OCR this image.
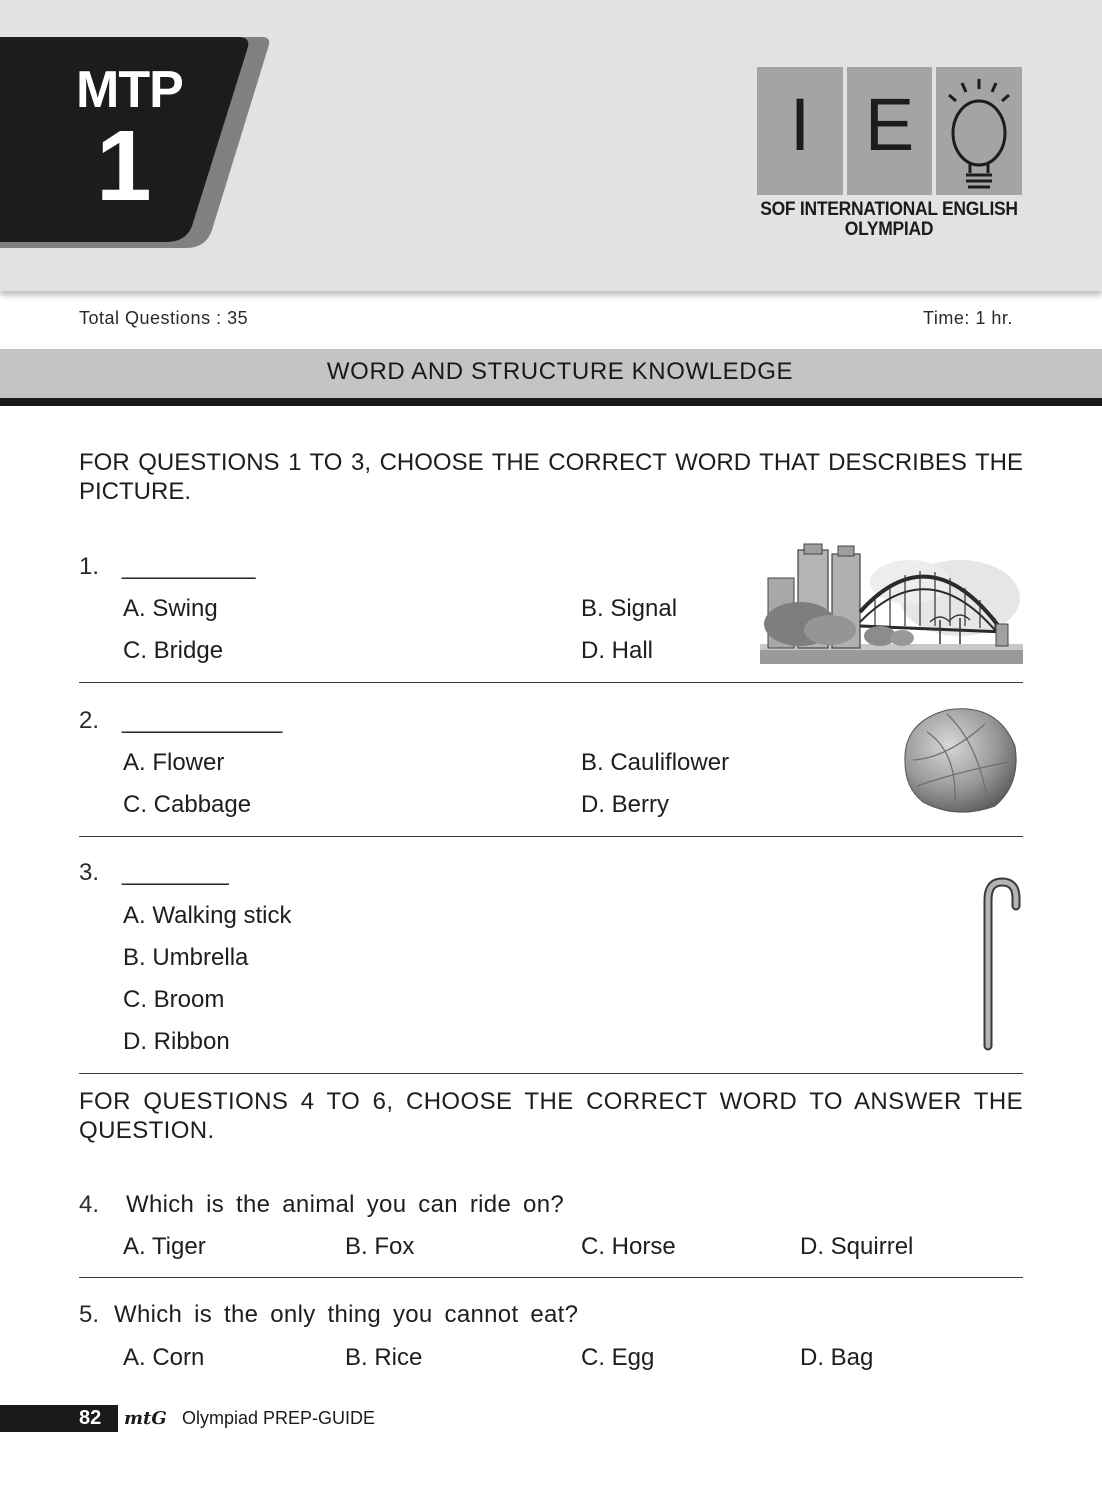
MTP
1	I E
SOF INTERNATIONAL ENGLISH
OLYMPIAD
Total Questions : 35	Time: 1 hr.
WORD AND STRUCTURE KNOWLEDGE
FOR QUESTIONS 1 TO 3, CHOOSE THE CORRECT WORD THAT DESCRIBES THE PICTURE.
1. __________
A. Swing	B. Signal
C. Bridge	D. Hall
2. ____________
A. Flower	B. Cauliflower
C. Cabbage	D. Berry
3. ________
A. Walking stick
B. Umbrella
C. Broom
D. Ribbon
FOR QUESTIONS 4 TO 6, CHOOSE THE CORRECT WORD TO ANSWER THE QUESTION.
4. Which is the animal you can ride on?
A. Tiger	B. Fox	C. Horse	D. Squirrel
5. Which is the only thing you cannot eat?
A. Corn	B. Rice	C. Egg	D. Bag
82 mtG Olympiad PREP-GUIDE
